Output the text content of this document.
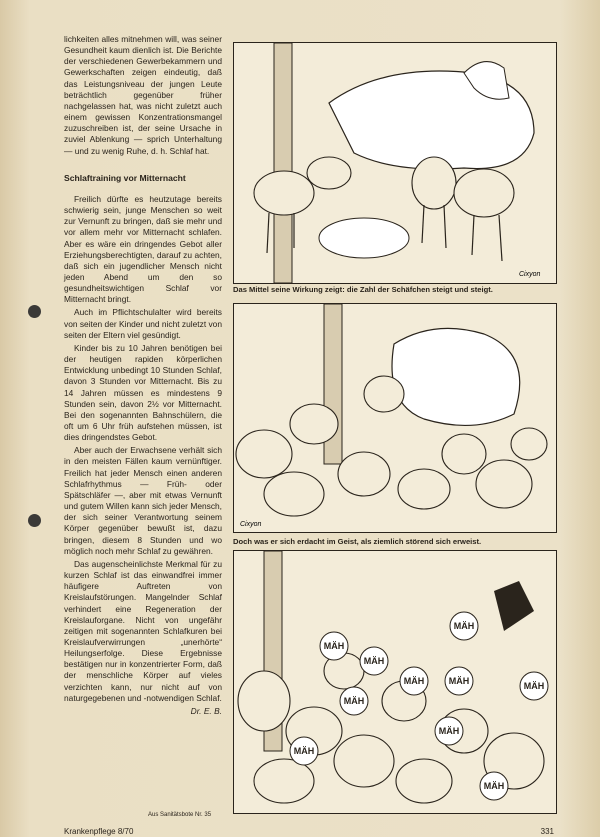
lichkeiten alles mitnehmen will, was seiner Gesundheit kaum dienlich ist. Die Berichte der verschiedenen Gewerbekammern und Gewerkschaften zeigen eindeutig, daß das Leistungsniveau der jungen Leute beträchtlich gegenüber früher nachgelassen hat, was nicht zuletzt auch einem gewissen Konzentrationsmangel zuzuschreiben ist, der seine Ursache in zuviel Ablenkung — sprich Unterhaltung — und zu wenig Ruhe, d. h. Schlaf hat.

Schlaftraining vor Mitternacht

Freilich dürfte es heutzutage bereits schwierig sein, junge Menschen so weit zur Vernunft zu bringen, daß sie mehr und vor allem mehr vor Mitternacht schlafen. Aber es wäre ein dringendes Gebot aller Erziehungsberechtigten, darauf zu achten, daß sich ein jugendlicher Mensch nicht jeden Abend um den so gesundheitswichtigen Schlaf vor Mitternacht bringt.

Auch im Pflichtschulalter wird bereits von seiten der Kinder und nicht zuletzt von seiten der Eltern viel gesündigt.

Kinder bis zu 10 Jahren benötigen bei der heutigen rapiden körperlichen Entwicklung unbedingt 10 Stunden Schlaf, davon 3 Stunden vor Mitternacht. Bis zu 14 Jahren müssen es mindestens 9 Stunden sein, davon 2½ vor Mitternacht. Bei den sogenannten Bahnschülern, die oft um 6 Uhr früh aufstehen müssen, ist dies dringendstes Gebot.

Aber auch der Erwachsene verhält sich in den meisten Fällen kaum vernünftiger. Freilich hat jeder Mensch einen anderen Schlafrhythmus — Früh- oder Spätschläfer —, aber mit etwas Vernunft und gutem Willen kann sich jeder Mensch, der sich seiner Verantwortung seinem Körper gegenüber bewußt ist, dazu bringen, diesem 8 Stunden und wo möglich noch mehr Schlaf zu gewähren.

Das augenscheinlichste Merkmal für zu kurzen Schlaf ist das einwandfrei immer häufigere Auftreten von Kreislaufstörungen. Mangelnder Schlaf verhindert eine Regeneration der Kreislauforgane. Nicht von ungefähr zeitigen mit sogenannten Schlafkuren bei Kreislaufverwirrungen „unerhörte“ Heilungserfolge. Diese Ergebnisse bestätigen nur in konzentrierter Form, daß der menschliche Körper auf vieles verzichten kann, nur nicht auf von naturgegebenen und -notwendigen Schlaf.

Dr. E. B.
Cixyon
Das Mittel seine Wirkung zeigt: die Zahl der Schäfchen steigt und steigt.
Cixyon
Doch was er sich erdacht im Geist, als ziemlich störend sich erweist.
MÄH
MÄH
MÄH
MÄH
MÄH
MÄH	MÄH
MÄH
MÄH
MÄH
Aus Sanitätsbote Nr. 35
Krankenpflege 8/70	331
